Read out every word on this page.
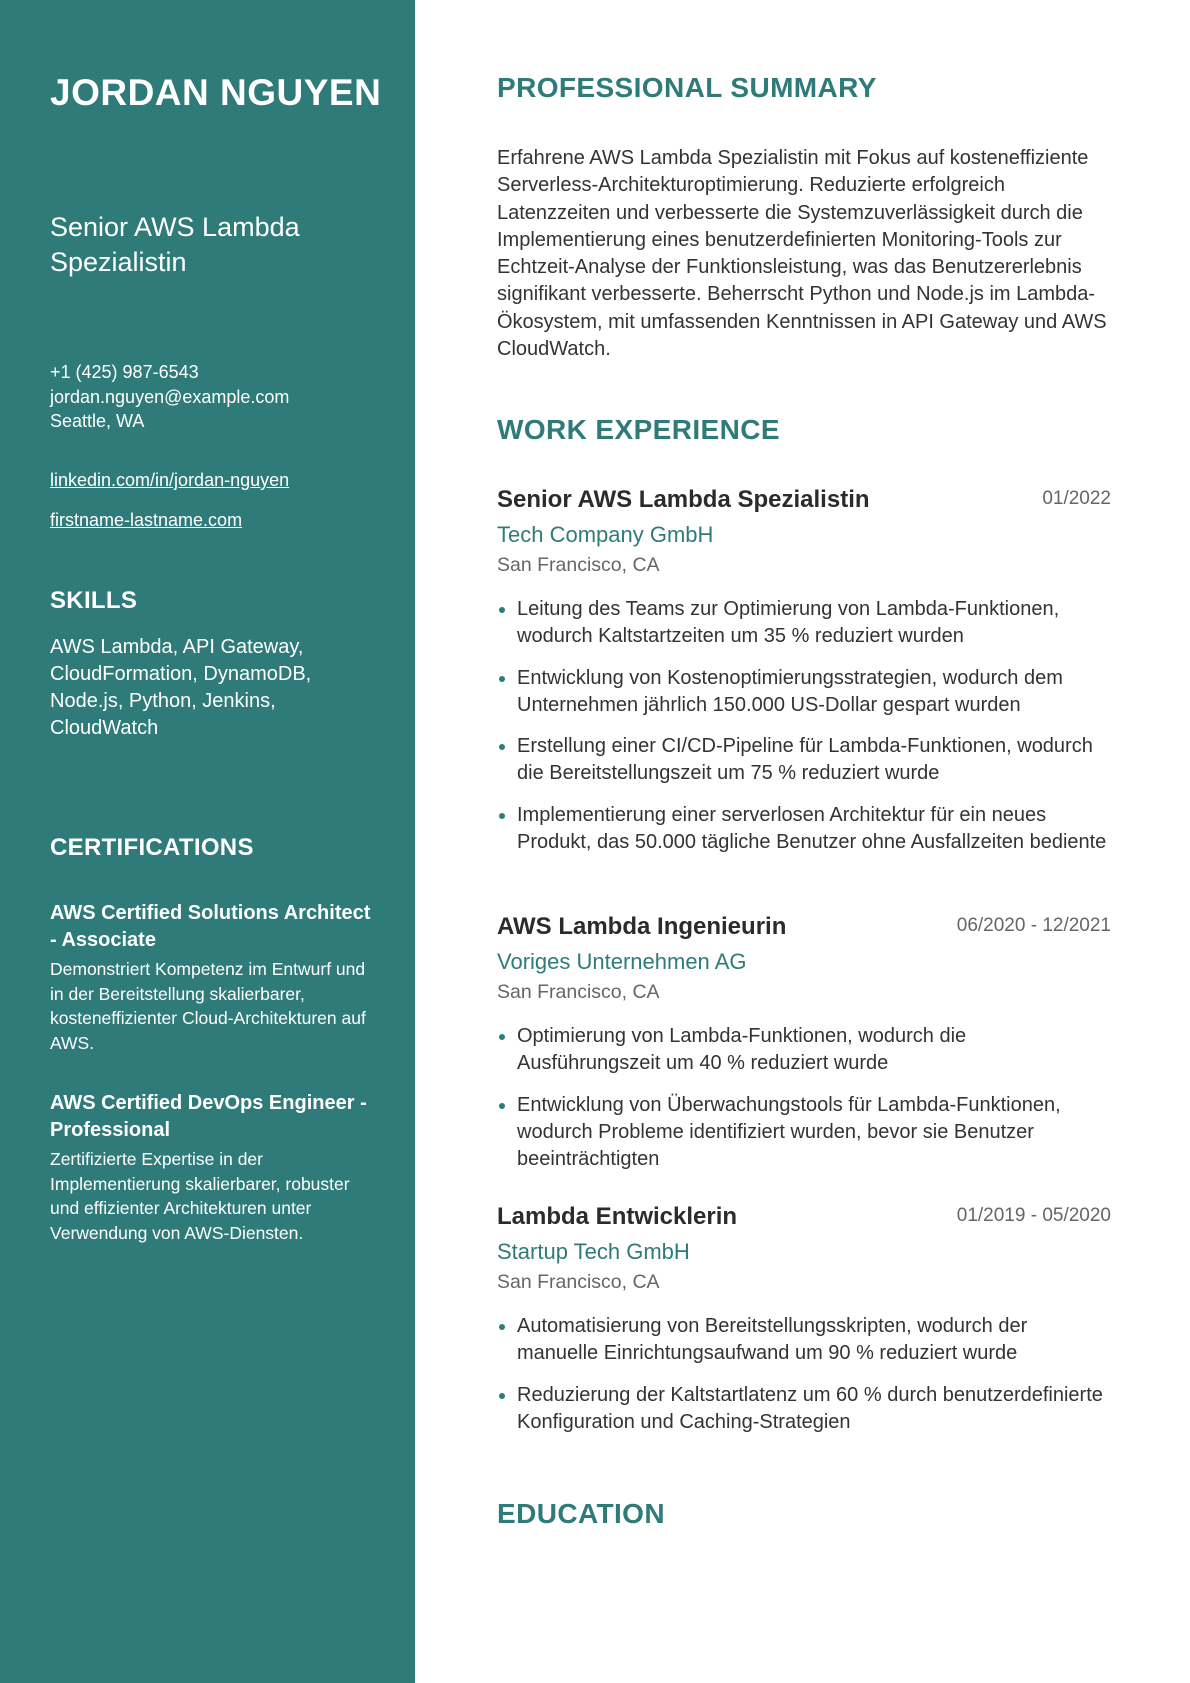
JORDAN NGUYEN
Senior AWS Lambda Spezialistin
+1 (425) 987-6543
jordan.nguyen@example.com
Seattle, WA
linkedin.com/in/jordan-nguyen
firstname-lastname.com
SKILLS
AWS Lambda, API Gateway, CloudFormation, DynamoDB, Node.js, Python, Jenkins, CloudWatch
CERTIFICATIONS
AWS Certified Solutions Architect - Associate
Demonstriert Kompetenz im Entwurf und in der Bereitstellung skalierbarer, kosteneffizienter Cloud-Architekturen auf AWS.
AWS Certified DevOps Engineer - Professional
Zertifizierte Expertise in der Implementierung skalierbarer, robuster und effizienter Architekturen unter Verwendung von AWS-Diensten.
PROFESSIONAL SUMMARY
Erfahrene AWS Lambda Spezialistin mit Fokus auf kosteneffiziente Serverless-Architekturoptimierung. Reduzierte erfolgreich Latenzzeiten und verbesserte die Systemzuverlässigkeit durch die Implementierung eines benutzerdefinierten Monitoring-Tools zur Echtzeit-Analyse der Funktionsleistung, was das Benutzererlebnis signifikant verbesserte. Beherrscht Python und Node.js im Lambda-Ökosystem, mit umfassenden Kenntnissen in API Gateway und AWS CloudWatch.
WORK EXPERIENCE
Senior AWS Lambda Spezialistin	01/2022
Tech Company GmbH
San Francisco, CA
Leitung des Teams zur Optimierung von Lambda-Funktionen, wodurch Kaltstartzeiten um 35 % reduziert wurden
Entwicklung von Kostenoptimierungsstrategien, wodurch dem Unternehmen jährlich 150.000 US-Dollar gespart wurden
Erstellung einer CI/CD-Pipeline für Lambda-Funktionen, wodurch die Bereitstellungszeit um 75 % reduziert wurde
Implementierung einer serverlosen Architektur für ein neues Produkt, das 50.000 tägliche Benutzer ohne Ausfallzeiten bediente
AWS Lambda Ingenieurin	06/2020 - 12/2021
Voriges Unternehmen AG
San Francisco, CA
Optimierung von Lambda-Funktionen, wodurch die Ausführungszeit um 40 % reduziert wurde
Entwicklung von Überwachungstools für Lambda-Funktionen, wodurch Probleme identifiziert wurden, bevor sie Benutzer beeinträchtigten
Lambda Entwicklerin	01/2019 - 05/2020
Startup Tech GmbH
San Francisco, CA
Automatisierung von Bereitstellungsskripten, wodurch der manuelle Einrichtungsaufwand um 90 % reduziert wurde
Reduzierung der Kaltstartlatenz um 60 % durch benutzerdefinierte Konfiguration und Caching-Strategien
EDUCATION
